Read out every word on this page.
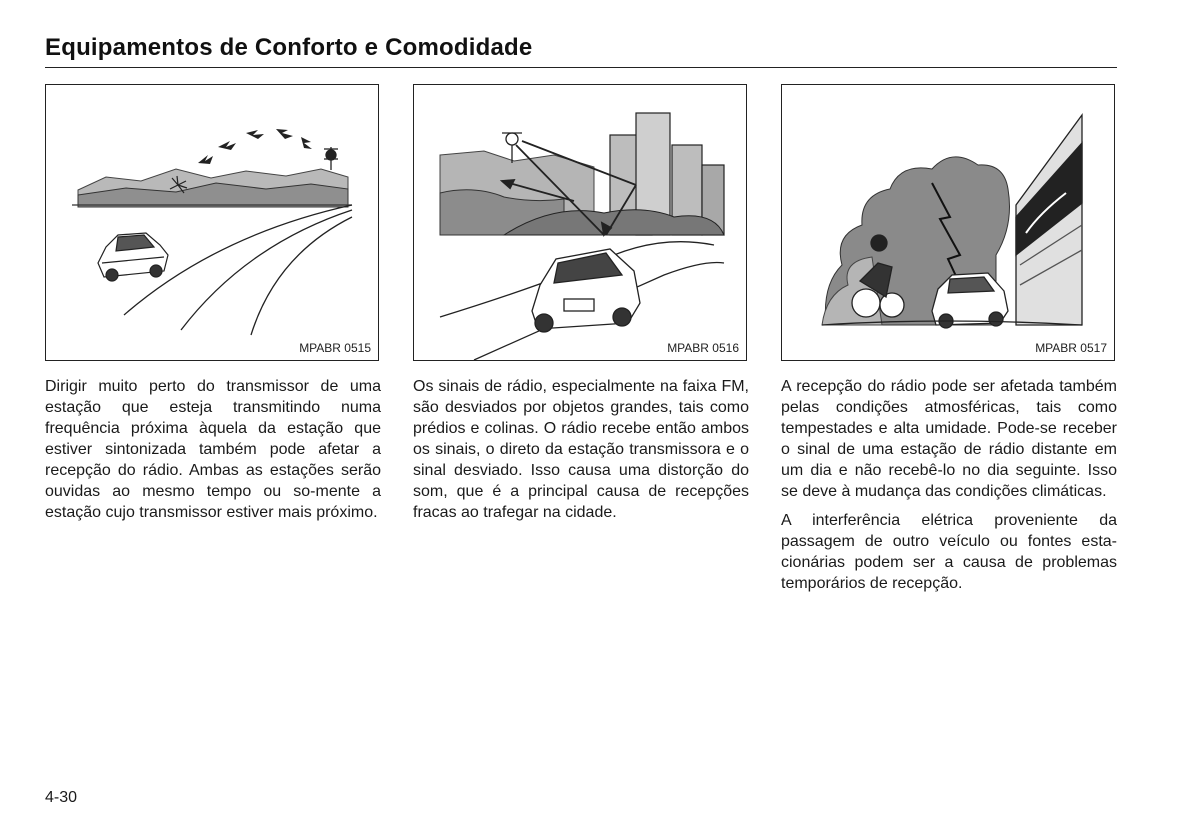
Equipamentos de Conforto e Comodidade
MPABR 0515	MPABR 0516	MPABR 0517

Dirigir muito perto do transmissor de uma estação que esteja transmitindo numa frequência próxima àquela da estação que estiver sintonizada também pode afetar a recepção do rádio. Ambas as estações serão ouvidas ao mesmo tempo ou so-mente a estação cujo transmissor estiver mais próximo.

Os sinais de rádio, especialmente na faixa FM, são desviados por objetos grandes, tais como prédios e colinas. O rádio recebe então ambos os sinais, o direto da estação transmissora e o sinal desviado. Isso causa uma distorção do som, que é a principal causa de recepções fracas ao trafegar na cidade.

A recepção do rádio pode ser afetada também pelas condições atmosféricas, tais como tempestades e alta umidade. Pode-se receber o sinal de uma estação de rádio distante em um dia e não recebê-lo no dia seguinte. Isso se deve à mudança das condições climáticas.

A interferência elétrica proveniente da passagem de outro veículo ou fontes esta-cionárias podem ser a causa de problemas temporários de recepção.

4-30
